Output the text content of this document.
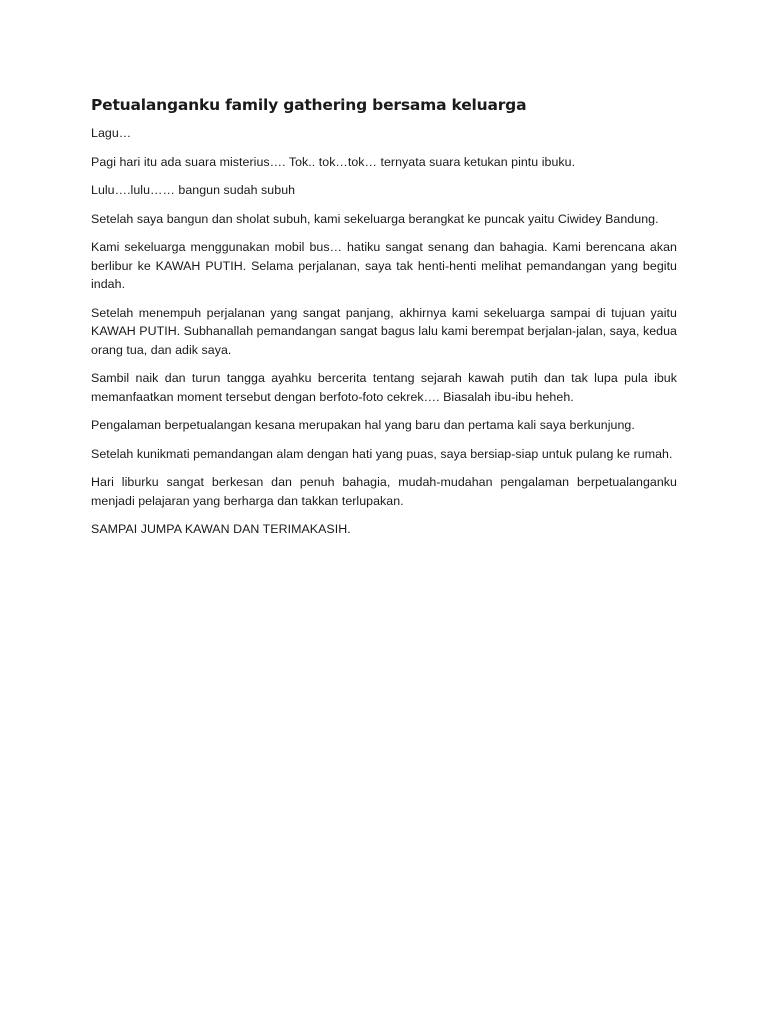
Petualanganku family gathering bersama keluarga

Lagu…

Pagi hari itu ada suara misterius…. Tok.. tok…tok… ternyata suara ketukan pintu ibuku.

Lulu….lulu…… bangun sudah subuh

Setelah saya bangun dan sholat subuh, kami sekeluarga berangkat ke puncak yaitu Ciwidey Bandung.

Kami sekeluarga menggunakan mobil bus… hatiku sangat senang dan bahagia. Kami berencana akan berlibur ke KAWAH PUTIH. Selama perjalanan, saya tak henti-henti melihat pemandangan yang begitu indah.

Setelah menempuh perjalanan yang sangat panjang, akhirnya kami sekeluarga sampai di tujuan yaitu KAWAH PUTIH. Subhanallah pemandangan sangat bagus lalu kami berempat berjalan-jalan, saya, kedua orang tua, dan adik saya.

Sambil naik dan turun tangga ayahku bercerita tentang sejarah kawah putih dan tak lupa pula ibuk memanfaatkan moment tersebut dengan berfoto-foto cekrek…. Biasalah ibu-ibu heheh.

Pengalaman berpetualangan kesana merupakan hal yang baru dan pertama kali saya berkunjung.

Setelah kunikmati pemandangan alam dengan hati yang puas, saya bersiap-siap untuk pulang ke rumah.

Hari liburku sangat berkesan dan penuh bahagia, mudah-mudahan pengalaman berpetualanganku menjadi pelajaran yang berharga dan takkan terlupakan.

SAMPAI JUMPA KAWAN DAN TERIMAKASIH.
